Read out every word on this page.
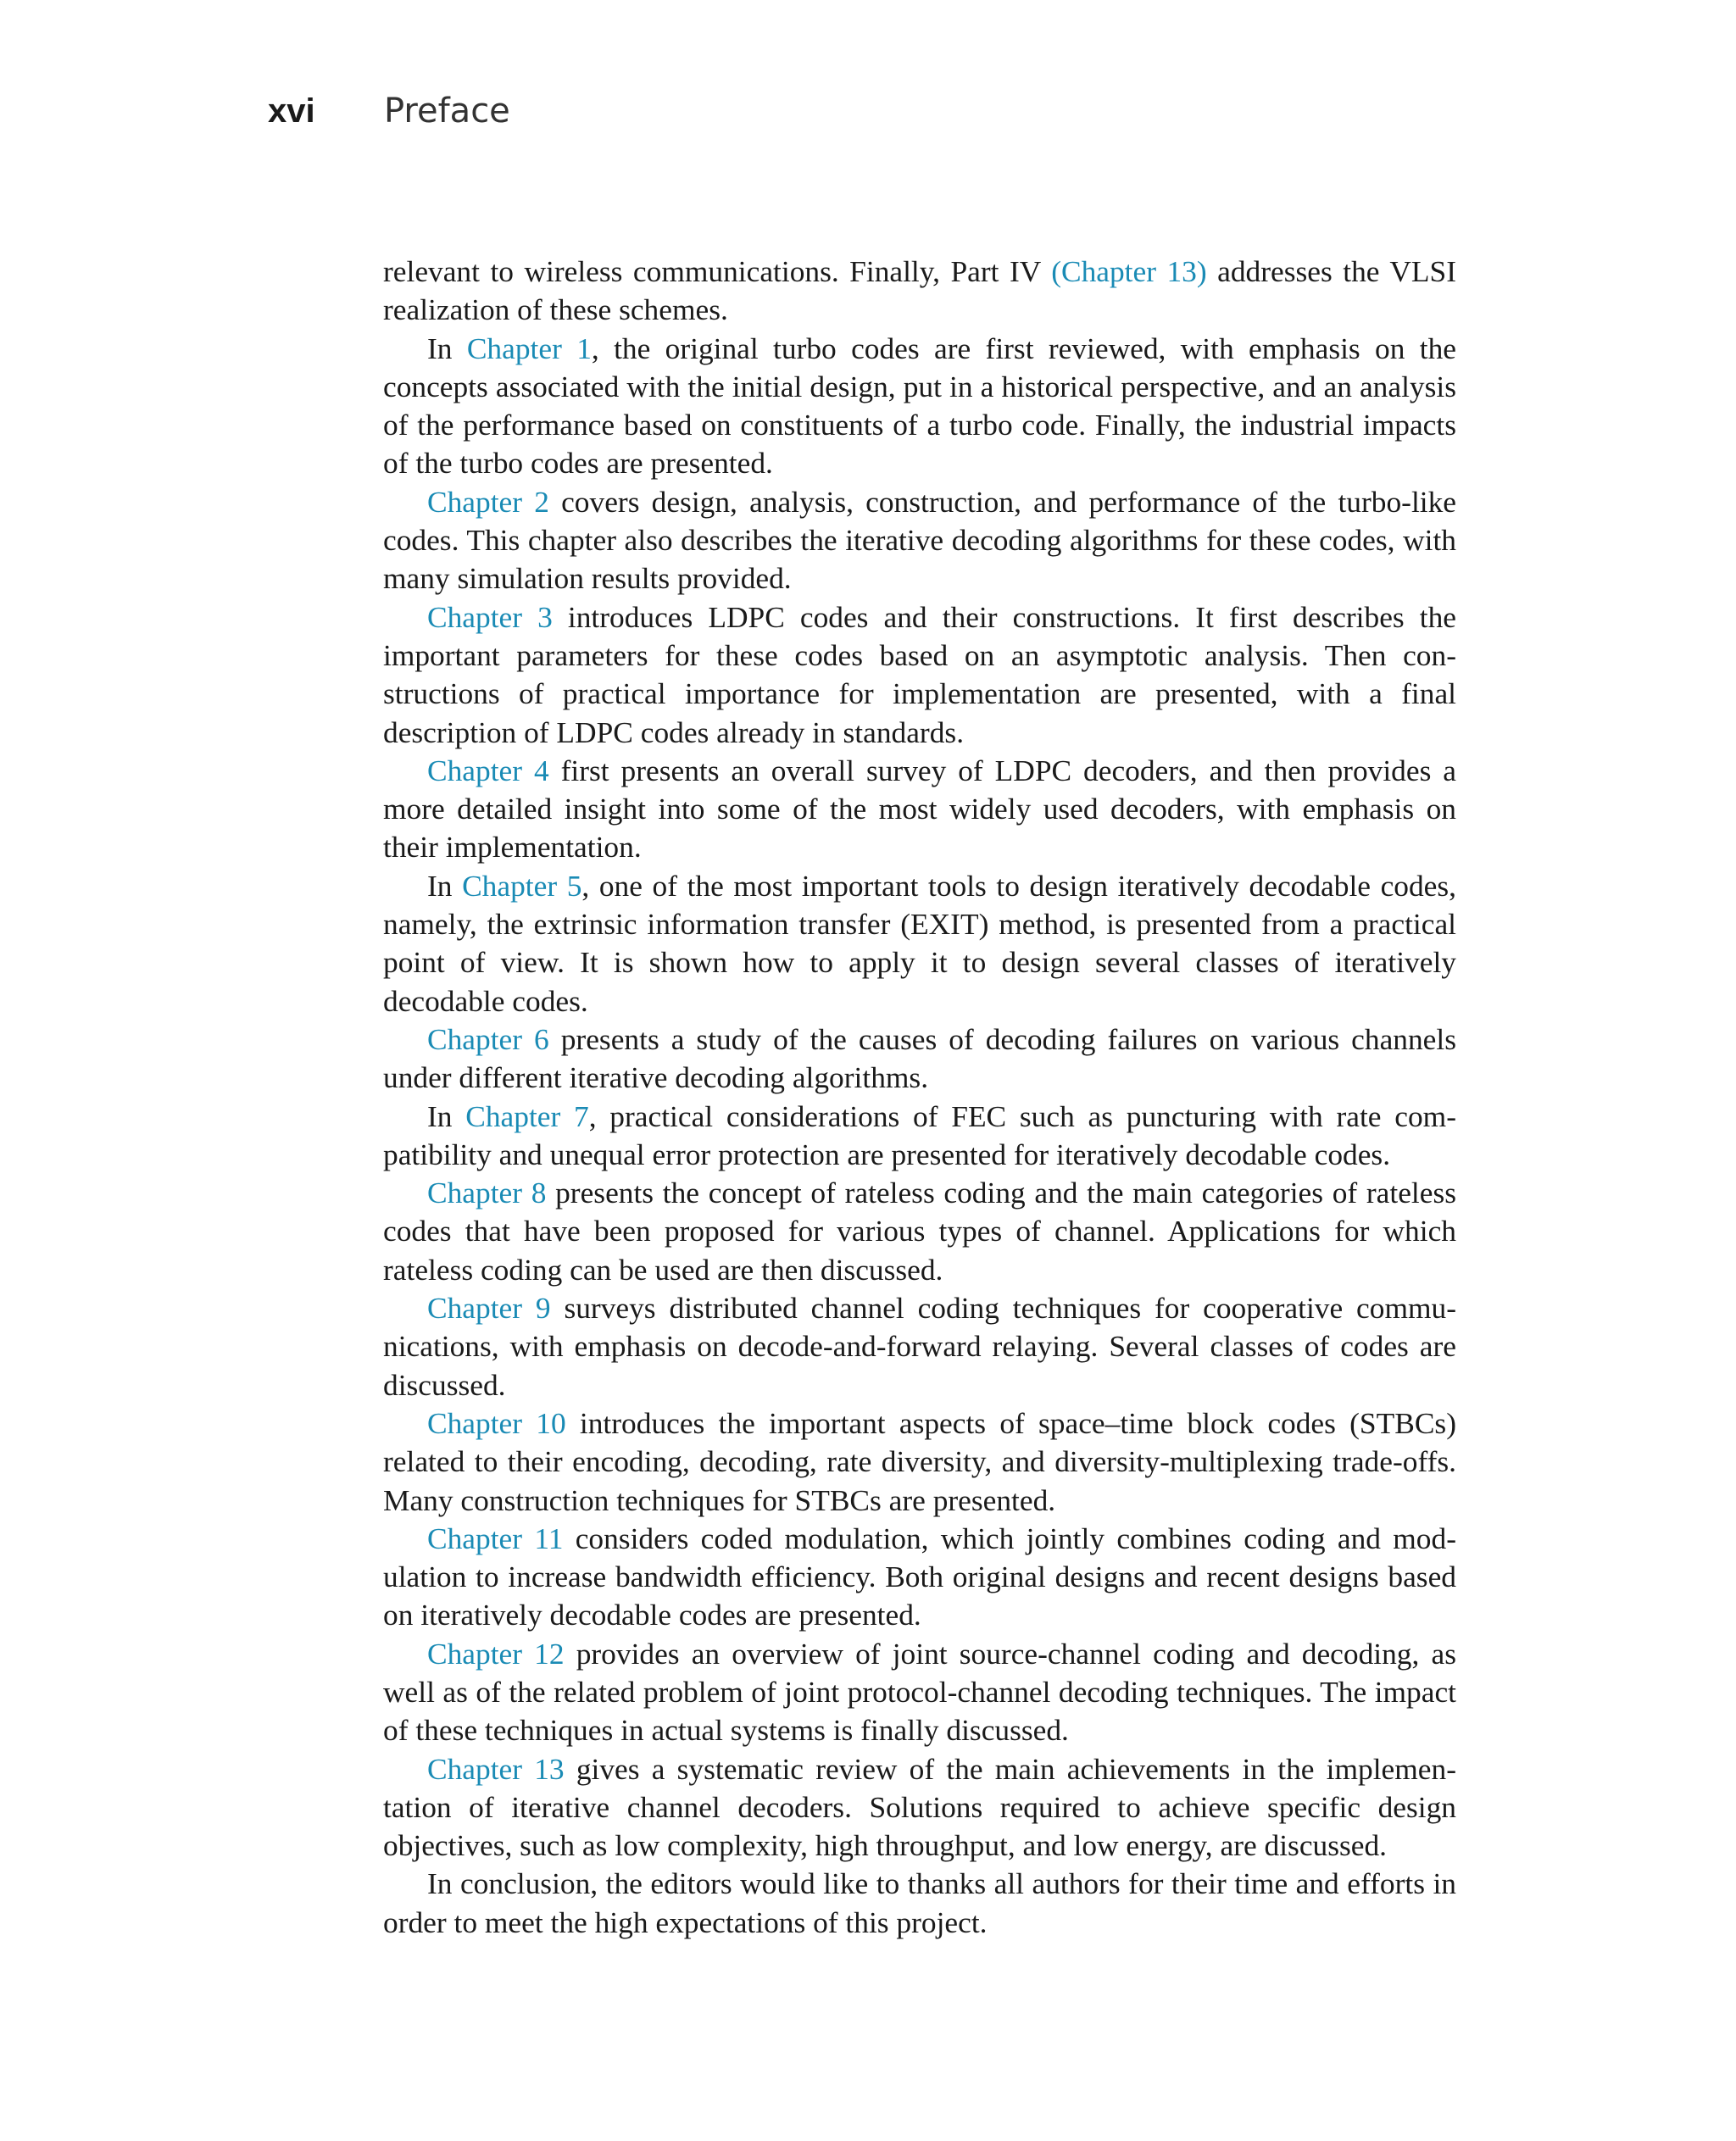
xvi	Preface

relevant to wireless communications. Finally, Part IV (Chapter 13) addresses the VLSI realization of these schemes.

In Chapter 1, the original turbo codes are first reviewed, with emphasis on the concepts associated with the initial design, put in a historical perspective, and an analysis of the performance based on constituents of a turbo code. Finally, the industrial impacts of the turbo codes are presented.

Chapter 2 covers design, analysis, construction, and performance of the turbo-like codes. This chapter also describes the iterative decoding algorithms for these codes, with many simulation results provided.

Chapter 3 introduces LDPC codes and their constructions. It first describes the important parameters for these codes based on an asymptotic analysis. Then constructions of practical importance for implementation are presented, with a final description of LDPC codes already in standards.

Chapter 4 first presents an overall survey of LDPC decoders, and then provides a more detailed insight into some of the most widely used decoders, with emphasis on their implementation.

In Chapter 5, one of the most important tools to design iteratively decodable codes, namely, the extrinsic information transfer (EXIT) method, is presented from a practical point of view. It is shown how to apply it to design several classes of iteratively decodable codes.

Chapter 6 presents a study of the causes of decoding failures on various channels under different iterative decoding algorithms.

In Chapter 7, practical considerations of FEC such as puncturing with rate compatibility and unequal error protection are presented for iteratively decodable codes.

Chapter 8 presents the concept of rateless coding and the main categories of rateless codes that have been proposed for various types of channel. Applications for which rateless coding can be used are then discussed.

Chapter 9 surveys distributed channel coding techniques for cooperative communications, with emphasis on decode-and-forward relaying. Several classes of codes are discussed.

Chapter 10 introduces the important aspects of space–time block codes (STBCs) related to their encoding, decoding, rate diversity, and diversity-multiplexing trade-offs. Many construction techniques for STBCs are presented.

Chapter 11 considers coded modulation, which jointly combines coding and modulation to increase bandwidth efficiency. Both original designs and recent designs based on iteratively decodable codes are presented.

Chapter 12 provides an overview of joint source-channel coding and decoding, as well as of the related problem of joint protocol-channel decoding techniques. The impact of these techniques in actual systems is finally discussed.

Chapter 13 gives a systematic review of the main achievements in the implementation of iterative channel decoders. Solutions required to achieve specific design objectives, such as low complexity, high throughput, and low energy, are discussed.

In conclusion, the editors would like to thanks all authors for their time and efforts in order to meet the high expectations of this project.
